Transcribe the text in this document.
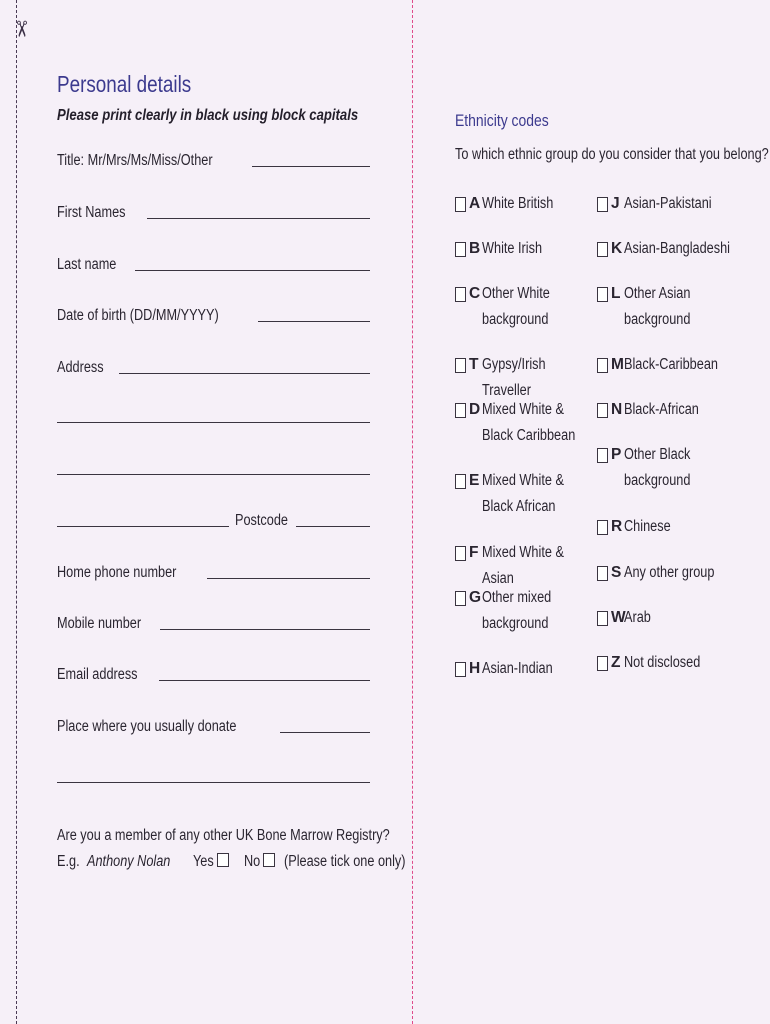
✂
Personal details
Please print clearly in black using block capitals
Title: Mr/Mrs/Ms/Miss/Other
First Names
Last name
Date of birth (DD/MM/YYYY)
Address
Postcode
Home phone number
Mobile number
Email address
Place where you usually donate
Are you a member of any other UK Bone Marrow Registry?
E.g. Anthony Nolan Yes No (Please tick one only)
Ethnicity codes
To which ethnic group do you consider that you belong?
A White British
B White Irish
C Other White background
T Gypsy/Irish Traveller
D Mixed White & Black Caribbean
E Mixed White & Black African
F Mixed White & Asian
G Other mixed background
H Asian-Indian
J Asian-Pakistani
K Asian-Bangladeshi
L Other Asian background
M Black-Caribbean
N Black-African
P Other Black background
R Chinese
S Any other group
W
Arab
Z Not disclosed
